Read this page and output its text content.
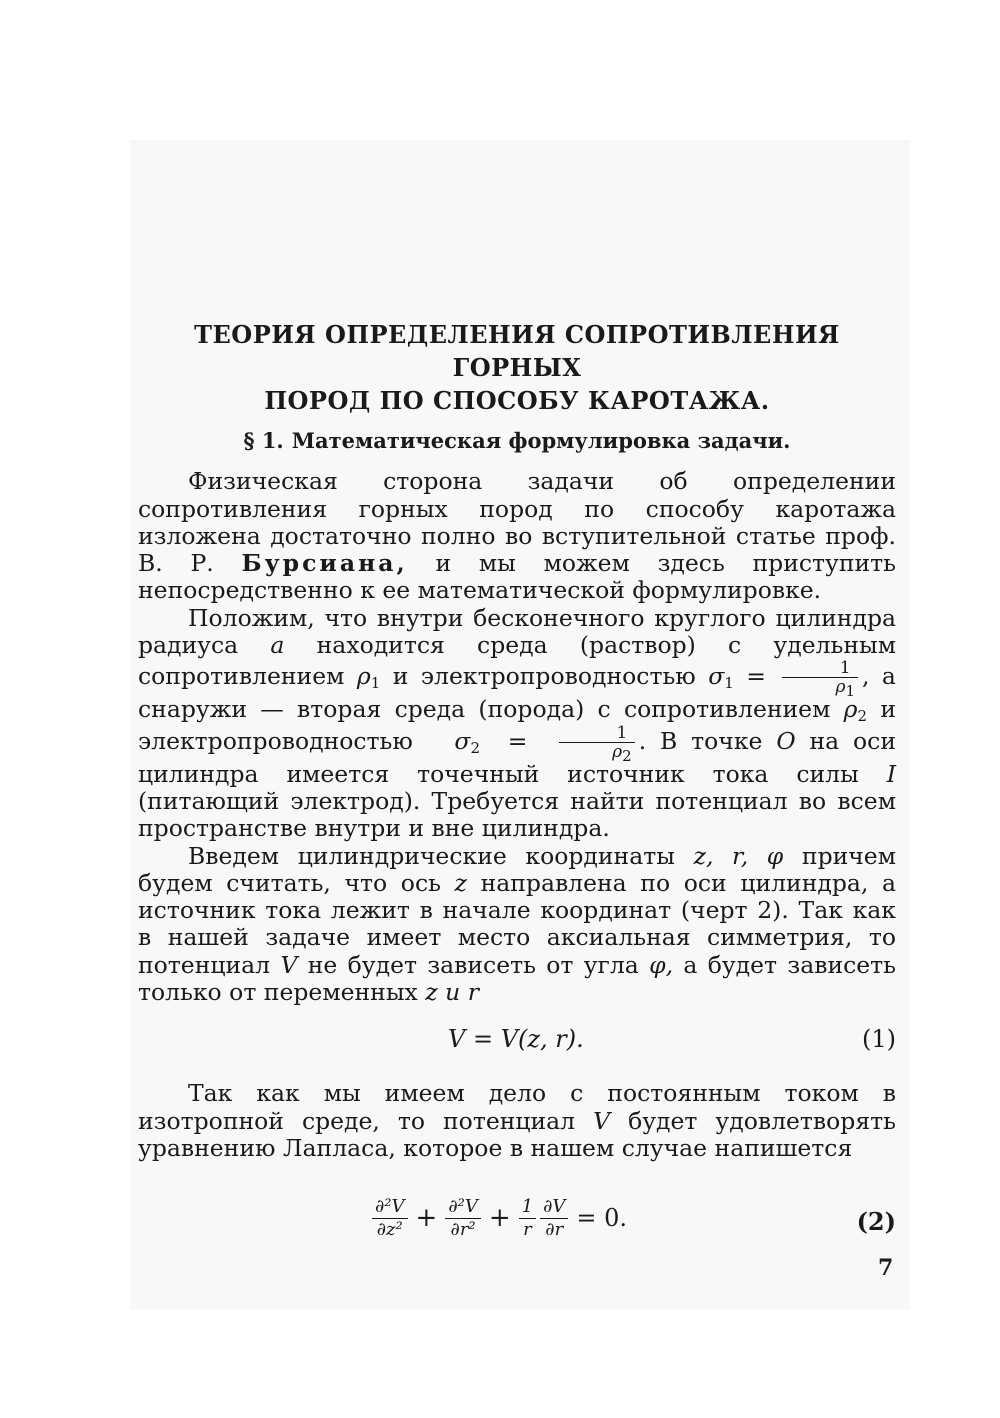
ТЕОРИЯ ОПРЕДЕЛЕНИЯ СОПРОТИВЛЕНИЯ ГОРНЫХ
ПОРОД ПО СПОСОБУ КАРОТАЖА.
§ 1. Математическая формулировка задачи.

Физическая сторона задачи об определении сопротивления горных пород по способу каротажа изложена достаточно полно во вступительной статье проф. В. Р. Бурсиана, и мы можем здесь приступить непосредственно к ее математической формулировке.

Положим, что внутри бесконечного круглого цилиндра радиуса a находится среда (раствор) с удельным сопротивлением $\rho_1$ и электропроводностью $\sigma_1 = \frac{1}{\rho_1}$ , а снаружи — вторая среда (порода) с сопротивлением $\rho_2$ и электропроводностью $\sigma_2 = \frac{1}{\rho_2}$ . В точке O на оси цилиндра имеется точечный источник тока силы I (питающий электрод). Требуется найти потенциал во всем пространстве внутри и вне цилиндра.

Введем цилиндрические координаты z, r, φ причем будем считать, что ось z направлена по оси цилиндра, а источник тока лежит в начале координат (черт 2). Так как в нашей задаче имеет место аксиальная симметрия, то потенциал V не будет зависеть от угла φ, а будет зависеть только от переменных z и r

V = V(z, r).	(1)

Так как мы имеем дело с постоянным током в изотропной среде, то потенциал V будет удовлетворять уравнению Лапласа, которое в нашем случае напишется

$\frac{\text{∂²V}}{\text{∂z²}} + \frac{\text{∂²V}}{\text{∂r²}} + \frac{1}{r} \frac{\partial V}{\partial r} = 0$.	(2)
7
